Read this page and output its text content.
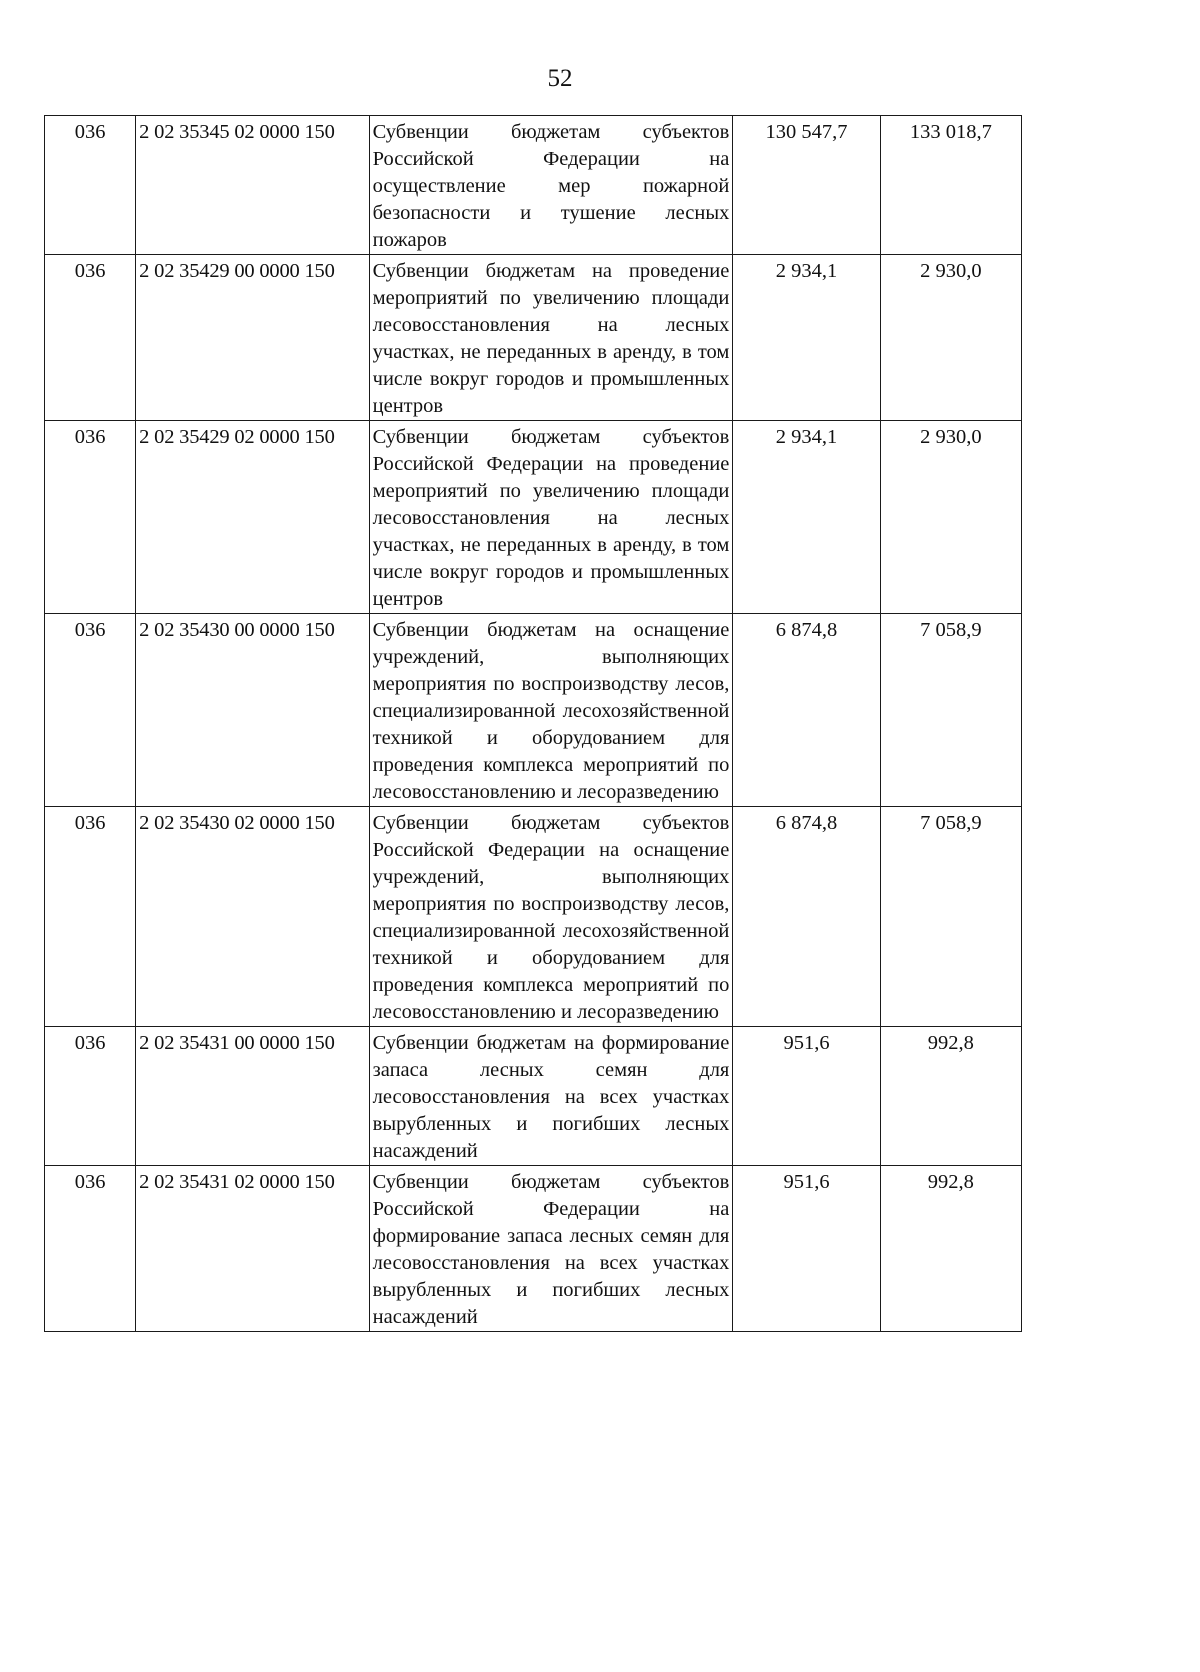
52
036	2 02 35345 02 0000 150	Субвенции бюджетам субъектов Российской Федерации на осуществление мер пожарной безопасности и тушение лесных пожаров	130 547,7	133 018,7
036	2 02 35429 00 0000 150	Субвенции бюджетам на проведение мероприятий по увеличению площади лесовосстановления на лесных участках, не переданных в аренду, в том числе вокруг городов и промышленных центров	2 934,1	2 930,0
036	2 02 35429 02 0000 150	Субвенции бюджетам субъектов Российской Федерации на проведение мероприятий по увеличению площади лесовосстановления на лесных участках, не переданных в аренду, в том числе вокруг городов и промышленных центров	2 934,1	2 930,0
036	2 02 35430 00 0000 150	Субвенции бюджетам на оснащение учреждений, выполняющих мероприятия по воспроизводству лесов, специализированной лесохозяйственной техникой и оборудованием для проведения комплекса мероприятий по лесовосстановлению и лесоразведению	6 874,8	7 058,9
036	2 02 35430 02 0000 150	Субвенции бюджетам субъектов Российской Федерации на оснащение учреждений, выполняющих мероприятия по воспроизводству лесов, специализированной лесохозяйственной техникой и оборудованием для проведения комплекса мероприятий по лесовосстановлению и лесоразведению	6 874,8	7 058,9
036	2 02 35431 00 0000 150	Субвенции бюджетам на формирование запаса лесных семян для лесовосстановления на всех участках вырубленных и погибших лесных насаждений	951,6	992,8
036	2 02 35431 02 0000 150	Субвенции бюджетам субъектов Российской Федерации на формирование запаса лесных семян для лесовосстановления на всех участках вырубленных и погибших лесных насаждений	951,6	992,8
